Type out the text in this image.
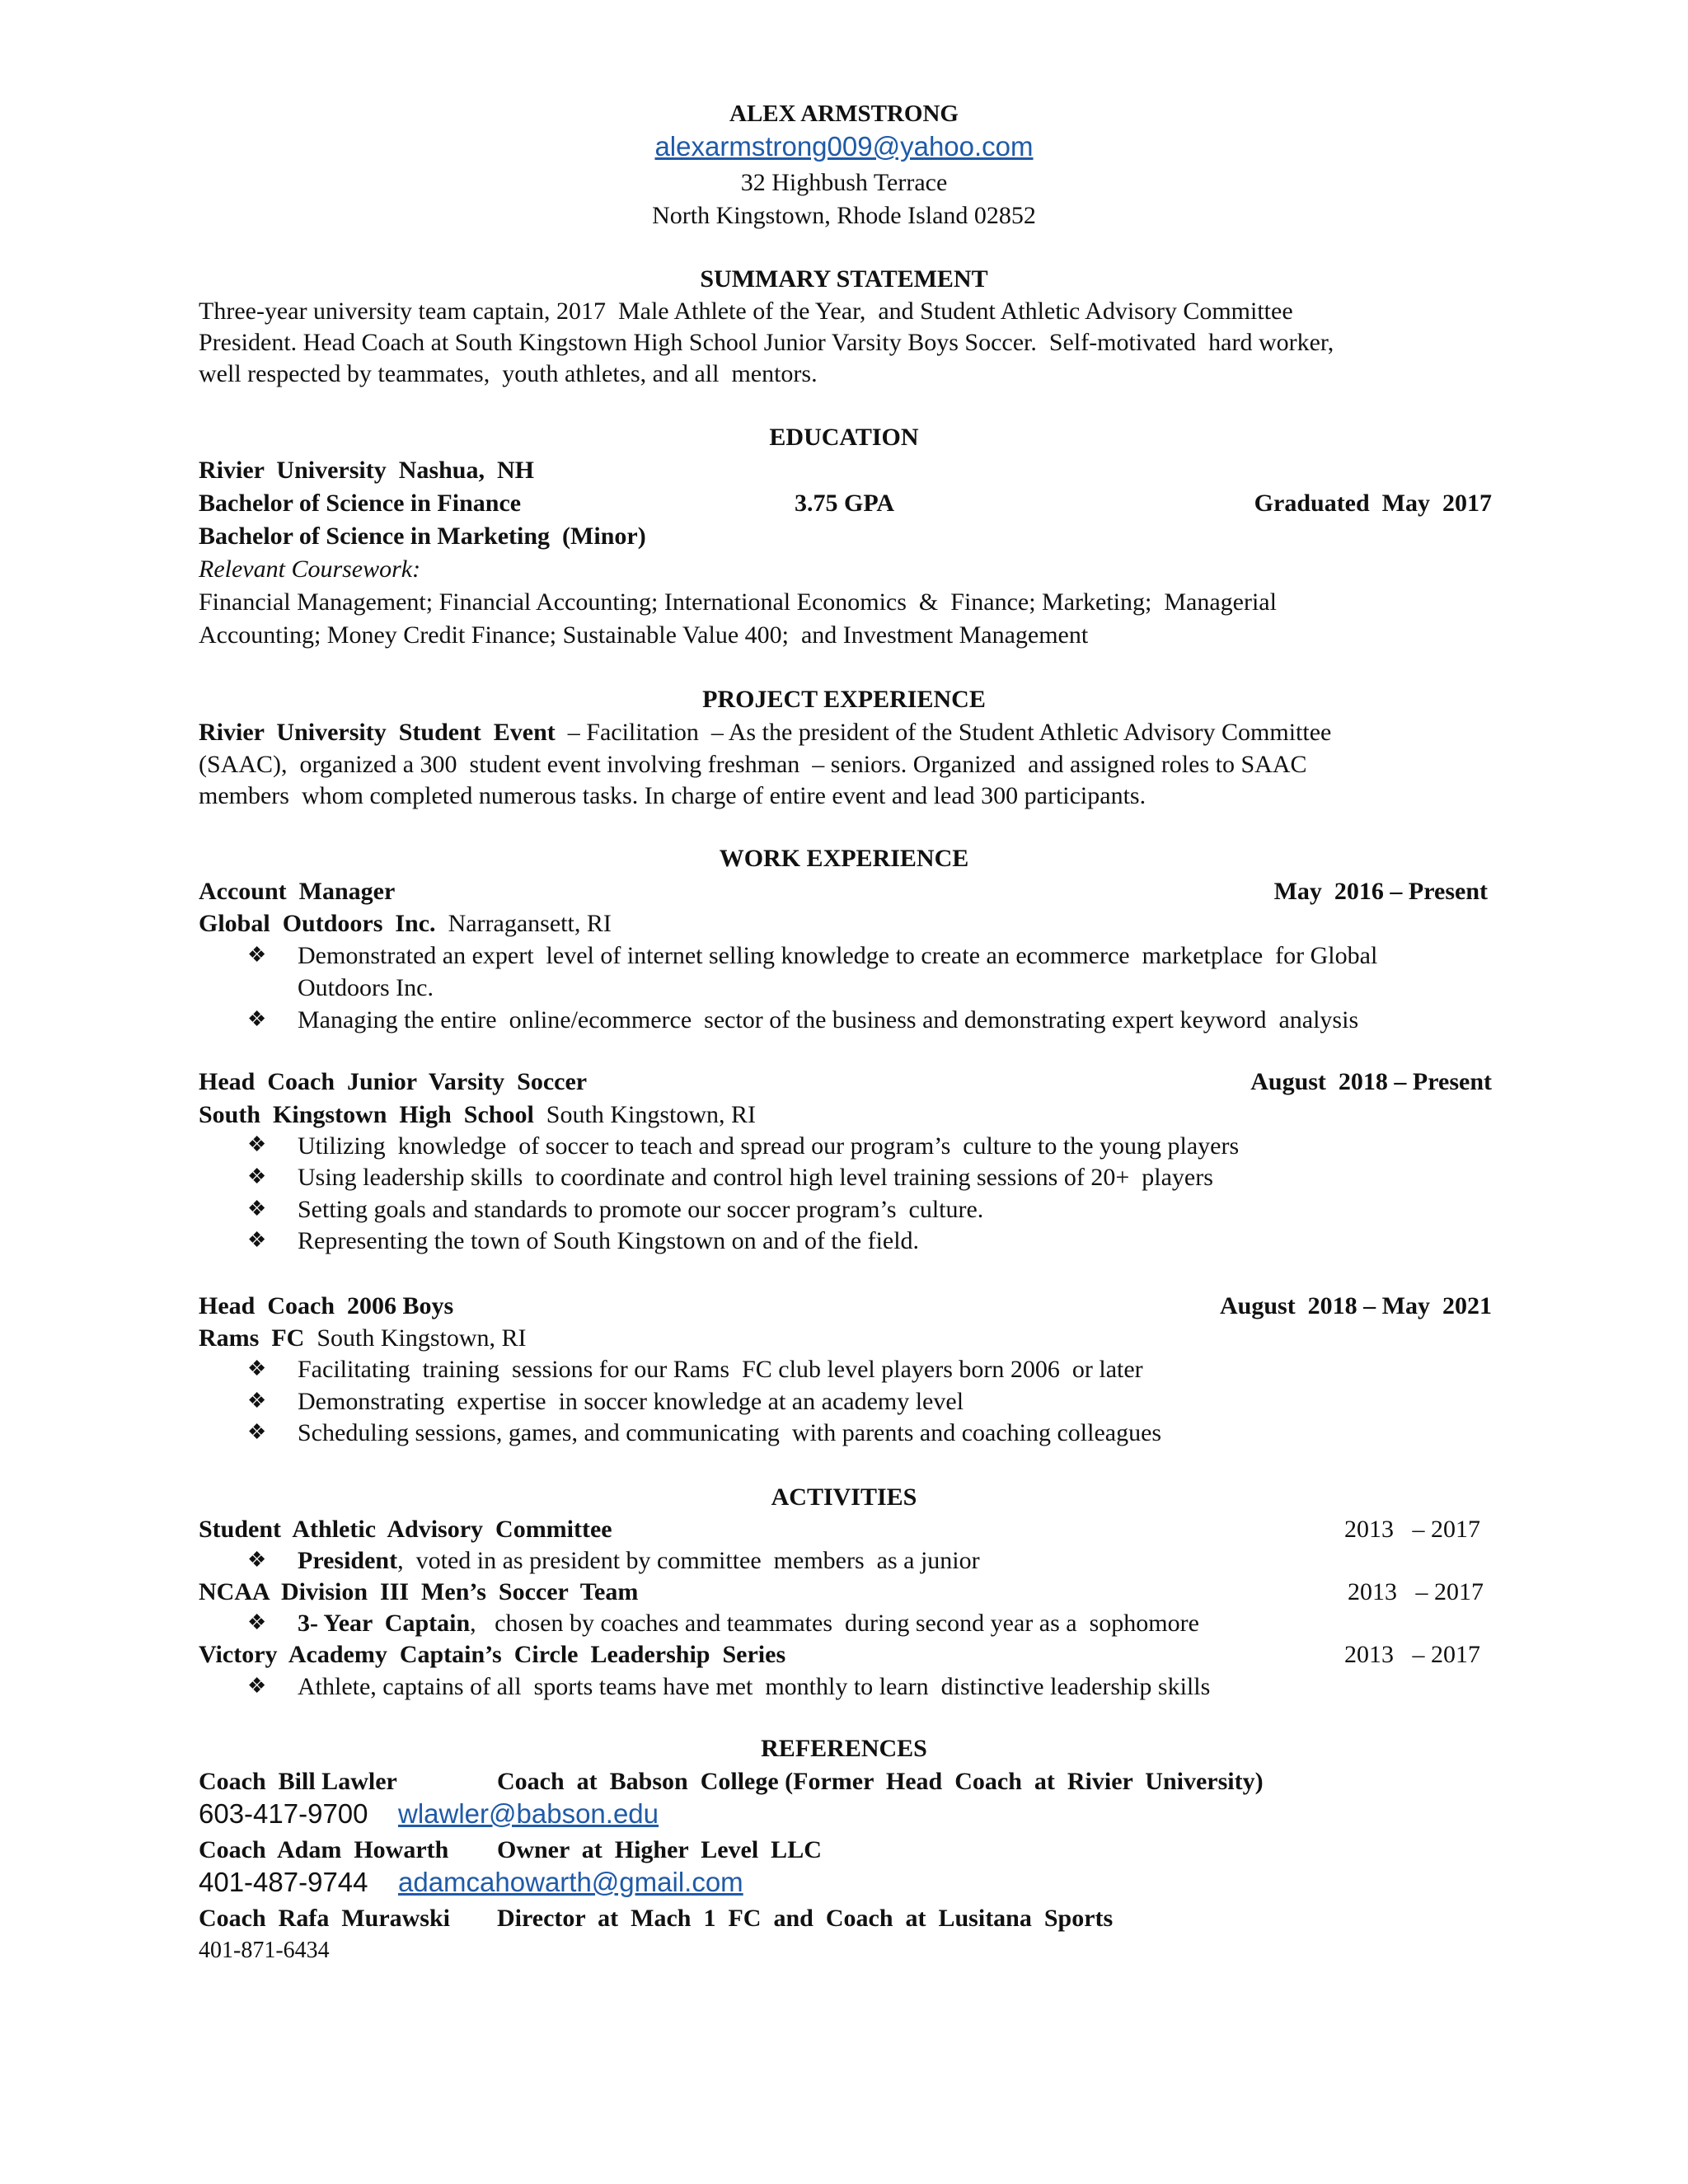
ALEX ARMSTRONG
alexarmstrong009@yahoo.com
32 Highbush Terrace
North Kingstown, Rhode Island 02852
SUMMARY STATEMENT
Three-year university team captain, 2017  Male Athlete of the Year,  and Student Athletic Advisory Committee
President. Head Coach at South Kingstown High School Junior Varsity Boys Soccer.  Self-motivated  hard worker,
well respected by teammates,  youth athletes, and all  mentors.
EDUCATION
Rivier  University  Nashua,  NH
Bachelor of Science in Finance	3.75 GPA	Graduated  May  2017
Bachelor of Science in Marketing  (Minor)
Relevant Coursework:
Financial Management; Financial Accounting; International Economics  &  Finance; Marketing;  Managerial
Accounting; Money Credit Finance; Sustainable Value 400;  and Investment Management
PROJECT EXPERIENCE
Rivier  University  Student  Event  – Facilitation  – As the president of the Student Athletic Advisory Committee
(SAAC),  organized a 300  student event involving freshman  – seniors. Organized  and assigned roles to SAAC
members  whom completed numerous tasks. In charge of entire event and lead 300 participants.
WORK EXPERIENCE
Account  Manager	May  2016 – Present
Global  Outdoors  Inc.  Narragansett, RI
❖ Demonstrated an expert  level of internet selling knowledge to create an ecommerce  marketplace  for Global
Outdoors Inc.
❖ Managing the entire  online/ecommerce  sector of the business and demonstrating expert keyword  analysis
Head  Coach  Junior  Varsity  Soccer	August  2018 – Present
South  Kingstown  High  School  South Kingstown, RI
❖ Utilizing  knowledge  of soccer to teach and spread our program’s  culture to the young players
❖ Using leadership skills  to coordinate and control high level training sessions of 20+  players
❖ Setting goals and standards to promote our soccer program’s  culture.
❖ Representing the town of South Kingstown on and of the field.
Head  Coach  2006 Boys	August  2018 – May  2021
Rams  FC  South Kingstown, RI
❖ Facilitating  training  sessions for our Rams  FC club level players born 2006  or later
❖ Demonstrating  expertise  in soccer knowledge at an academy level
❖ Scheduling sessions, games, and communicating  with parents and coaching colleagues
ACTIVITIES
Student  Athletic  Advisory  Committee	2013   – 2017
❖ President,  voted in as president by committee  members  as a junior
NCAA  Division  III  Men’s  Soccer  Team	2013   – 2017
❖ 3- Year  Captain,   chosen by coaches and teammates  during second year as a  sophomore
Victory  Academy  Captain’s  Circle  Leadership  Series	2013   – 2017
❖ Athlete, captains of all  sports teams have met  monthly to learn  distinctive leadership skills
REFERENCES
Coach  Bill Lawler	Coach  at  Babson  College (Former  Head  Coach  at  Rivier  University)
603-417-9700 wlawler@babson.edu
Coach  Adam  Howarth Owner  at  Higher  Level  LLC
401-487-9744 adamcahowarth@gmail.com
Coach  Rafa  Murawski Director  at  Mach  1  FC  and  Coach  at  Lusitana  Sports
401-871-6434
